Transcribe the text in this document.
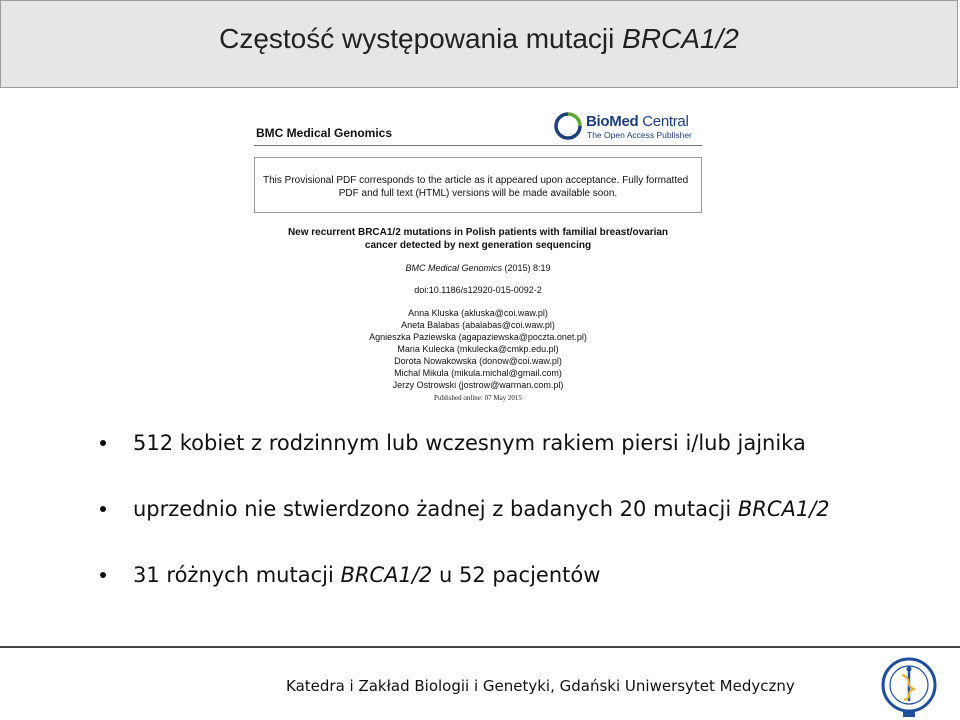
Częstość występowania mutacji BRCA1/2
BMC Medical Genomics
BioMed Central
The Open Access Publisher
This Provisional PDF corresponds to the article as it appeared upon acceptance. Fully formatted
PDF and full text (HTML) versions will be made available soon.
New recurrent BRCA1/2 mutations in Polish patients with familial breast/ovarian
cancer detected by next generation sequencing
BMC Medical Genomics (2015) 8:19
doi:10.1186/s12920-015-0092-2
Anna Kluska (akluska@coi.waw.pl)
Aneta Balabas (abalabas@coi.waw.pl)
Agnieszka Paziewska (agapaziewska@poczta.onet.pl)
Maria Kulecka (mkulecka@cmkp.edu.pl)
Dorota Nowakowska (donow@coi.waw.pl)
Michal Mikula (mikula.michal@gmail.com)
Jerzy Ostrowski (jostrow@warman.com.pl)
Published online: 07 May 2015
512 kobiet z rodzinnym lub wczesnym rakiem piersi i/lub jajnika
uprzednio nie stwierdzono żadnej z badanych 20 mutacji BRCA1/2
31 różnych mutacji BRCA1/2 u 52 pacjentów
Katedra i Zakład Biologii i Genetyki, Gdański Uniwersytet Medyczny
